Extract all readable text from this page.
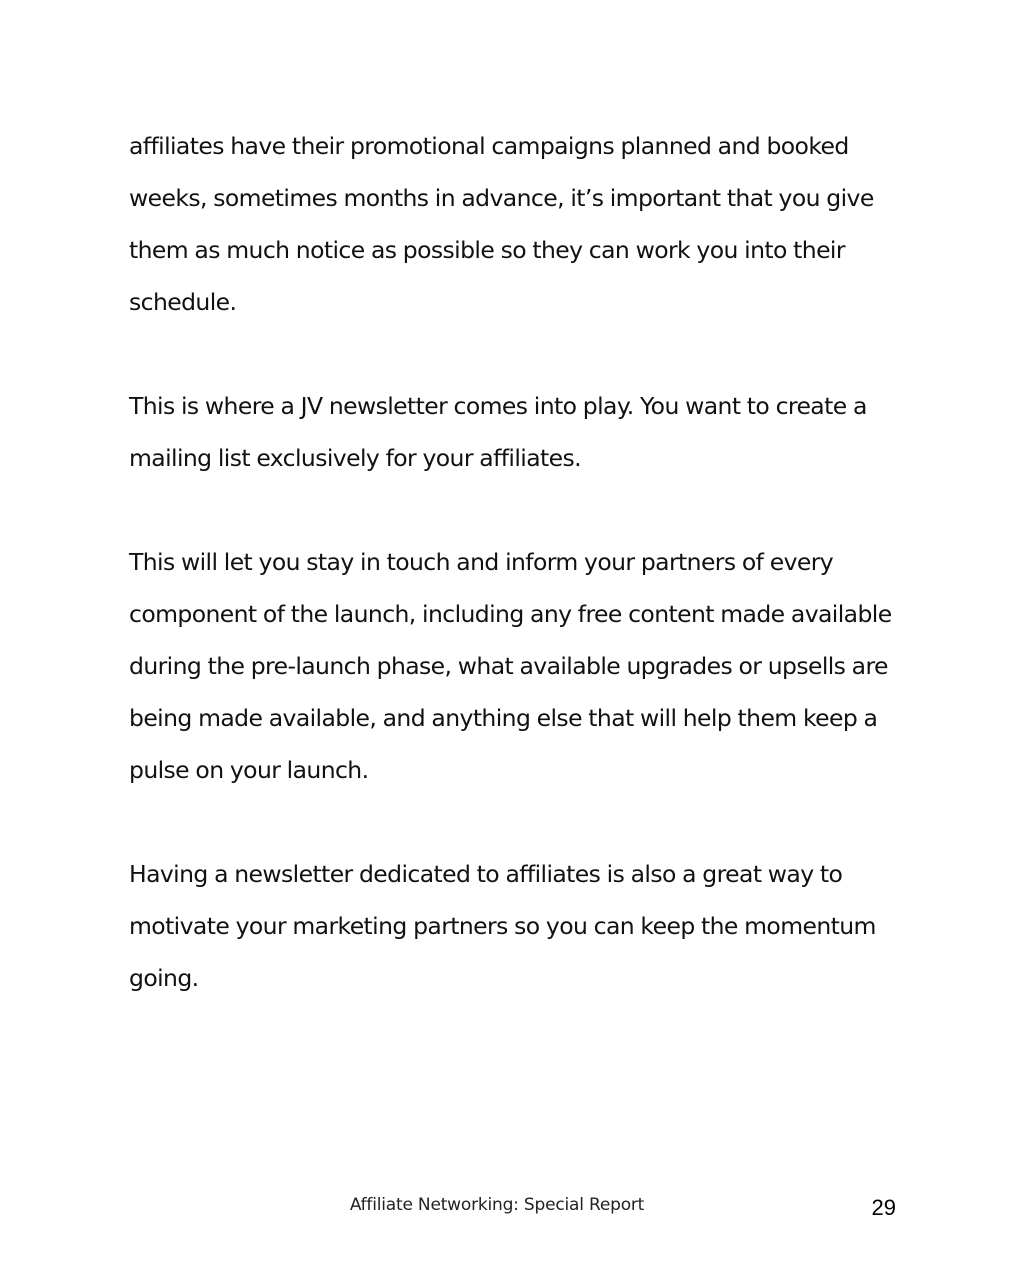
affiliates have their promotional campaigns planned and booked weeks, sometimes months in advance, it’s important that you give them as much notice as possible so they can work you into their schedule.

This is where a JV newsletter comes into play. You want to create a mailing list exclusively for your affiliates.

This will let you stay in touch and inform your partners of every component of the launch, including any free content made available during the pre-launch phase, what available upgrades or upsells are being made available, and anything else that will help them keep a pulse on your launch.

Having a newsletter dedicated to affiliates is also a great way to motivate your marketing partners so you can keep the momentum going.

Affiliate Networking: Special Report	29
